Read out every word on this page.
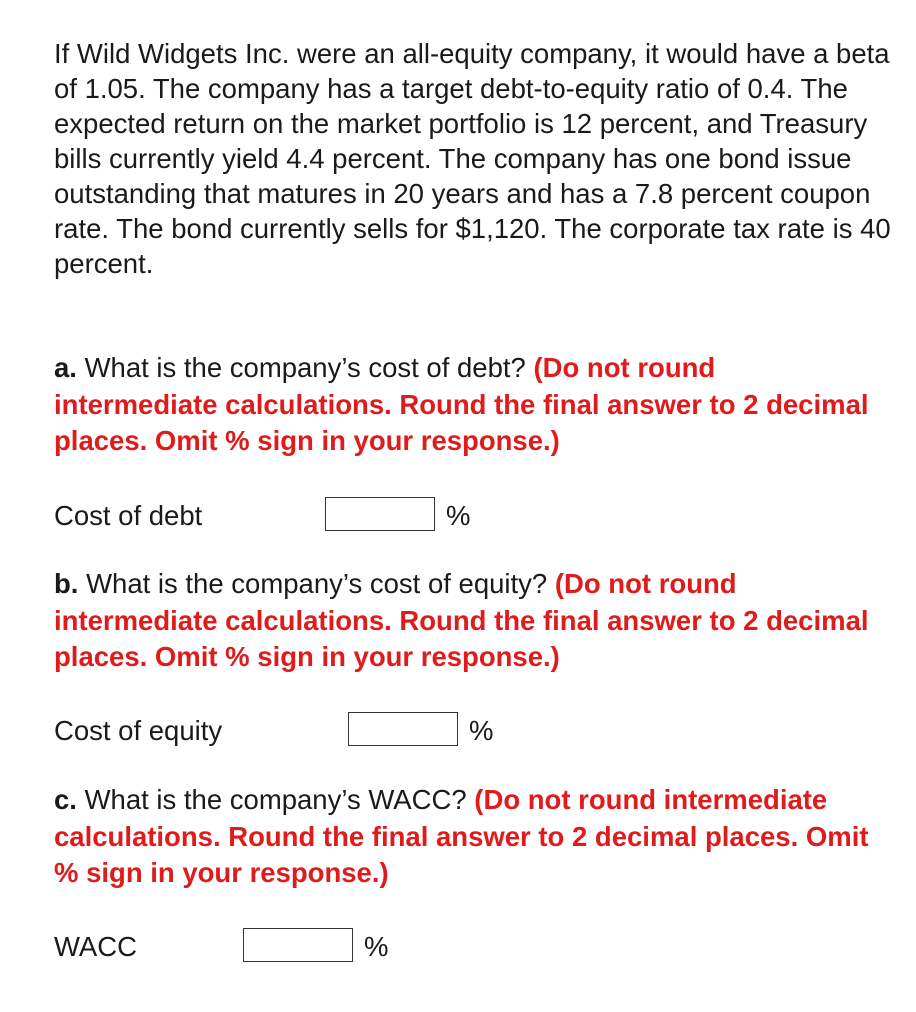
If Wild Widgets Inc. were an all-equity company, it would have a beta of 1.05. The company has a target debt-to-equity ratio of 0.4. The expected return on the market portfolio is 12 percent, and Treasury bills currently yield 4.4 percent. The company has one bond issue outstanding that matures in 20 years and has a 7.8 percent coupon rate. The bond currently sells for $1,120. The corporate tax rate is 40 percent.

a. What is the company’s cost of debt? (Do not round intermediate calculations. Round the final answer to 2 decimal places. Omit % sign in your response.)

Cost of debt	%

b. What is the company’s cost of equity? (Do not round intermediate calculations. Round the final answer to 2 decimal places. Omit % sign in your response.)

Cost of equity	%

c. What is the company’s WACC? (Do not round intermediate calculations. Round the final answer to 2 decimal places. Omit % sign in your response.)

WACC	%
